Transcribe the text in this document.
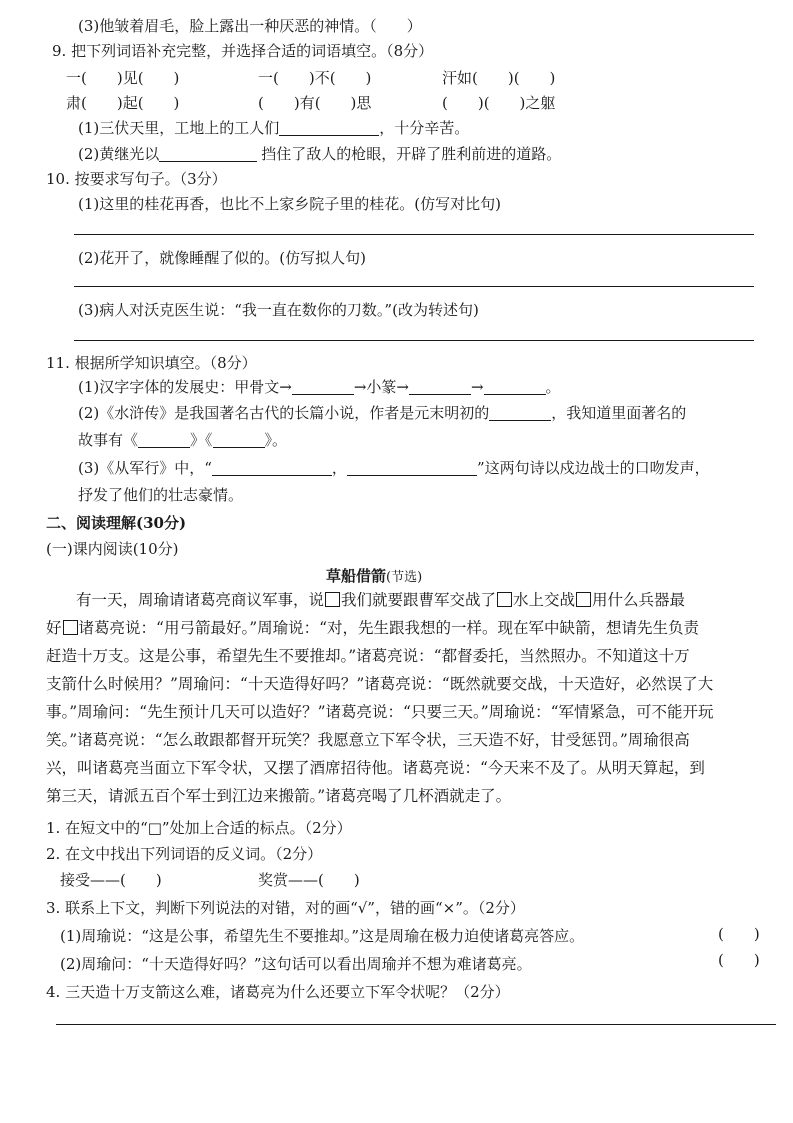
(3)他皱着眉毛，脸上露出一种厌恶的神情。（　　）
9. 把下列词语补充完整，并选择合适的词语填空。（8分）
一(　　)见(　　)	一(　　)不(　　)	汗如(　　)(　　)
肃(　　)起(　　)	(　　)有(　　)思	(　　)(　　)之躯
(1)三伏天里，工地上的工人们	，十分辛苦。
(2)黄继光以	挡住了敌人的枪眼，开辟了胜利前进的道路。
10. 按要求写句子。（3分）
(1)这里的桂花再香，也比不上家乡院子里的桂花。(仿写对比句)
(2)花开了，就像睡醒了似的。(仿写拟人句)
(3)病人对沃克医生说：“我一直在数你的刀数。”(改为转述句)
11. 根据所学知识填空。（8分）
(1)汉字字体的发展史：甲骨文→	→小篆→	→	。
(2)《水浒传》是我国著名古代的长篇小说，作者是元末明初的	，我知道里面著名的
故事有《	》《	》。
(3)《从军行》中，“	，	”这两句诗以戍边战士的口吻发声，
抒发了他们的壮志豪情。
二、阅读理解(30分)
(一)课内阅读(10分)
草船借箭(节选)
有一天，周瑜请诸葛亮商议军事，说 我们就要跟曹军交战了 水上交战 用什么兵器最
好 诸葛亮说：“用弓箭最好。”周瑜说：“对，先生跟我想的一样。现在军中缺箭，想请先生负责
赶造十万支。这是公事，希望先生不要推却。”诸葛亮说：“都督委托，当然照办。不知道这十万
支箭什么时候用？”周瑜问：“十天造得好吗？”诸葛亮说：“既然就要交战，十天造好，必然误了大
事。”周瑜问：“先生预计几天可以造好？”诸葛亮说：“只要三天。”周瑜说：“军情紧急，可不能开玩
笑。”诸葛亮说：“怎么敢跟都督开玩笑？我愿意立下军令状，三天造不好，甘受惩罚。”周瑜很高
兴，叫诸葛亮当面立下军令状，又摆了酒席招待他。诸葛亮说：“今天来不及了。从明天算起，到
第三天，请派五百个军士到江边来搬箭。”诸葛亮喝了几杯酒就走了。
1. 在短文中的“□”处加上合适的标点。（2分）
2. 在文中找出下列词语的反义词。（2分）
接受——(　　)	奖赏——(　　)
3. 联系上下文，判断下列说法的对错，对的画“√”，错的画“×”。（2分）
(1)周瑜说：“这是公事，希望先生不要推却。”这是周瑜在极力迫使诸葛亮答应。	(　　)
(2)周瑜问：“十天造得好吗？”这句话可以看出周瑜并不想为难诸葛亮。	(　　)
4. 三天造十万支箭这么难，诸葛亮为什么还要立下军令状呢？（2分）
